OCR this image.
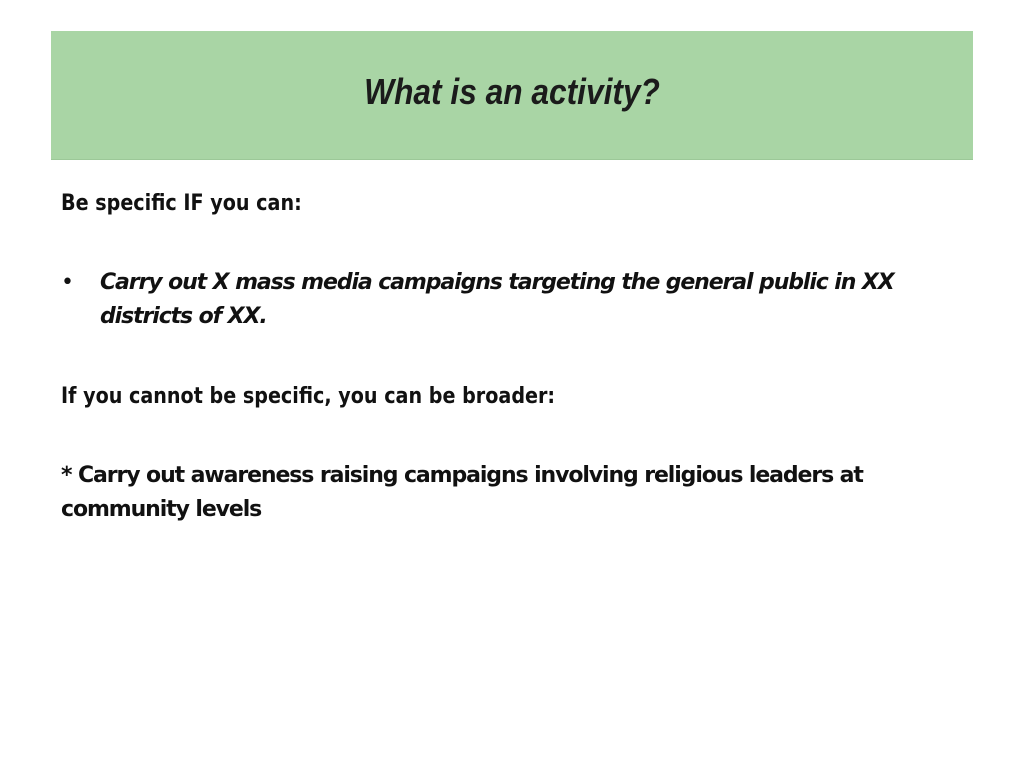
What is an activity?

Be specific IF you can:

• Carry out X mass media campaigns targeting the general public in XX districts of XX.

If you cannot be specific, you can be broader:

* Carry out awareness raising campaigns involving religious leaders at community levels
